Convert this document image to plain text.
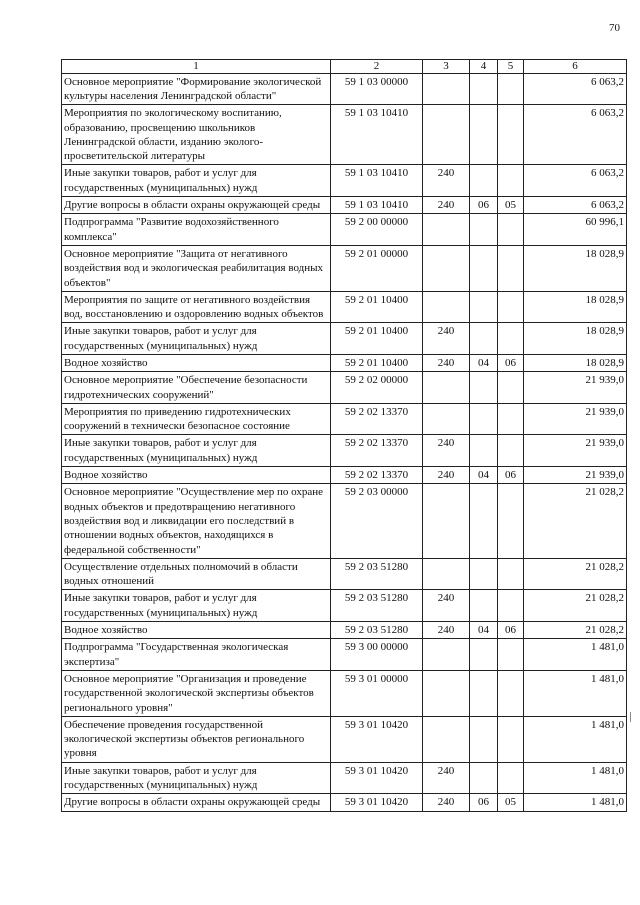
70
1	2	3	4	5	6
Основное мероприятие "Формирование экологической культуры населения Ленинградской области"	59 1 03 00000				6 063,2
Мероприятия по экологическому воспитанию, образованию, просвещению школьников Ленинградской области, изданию эколого-просветительской литературы	59 1 03 10410				6 063,2
Иные закупки товаров, работ и услуг для государственных (муниципальных) нужд	59 1 03 10410	240			6 063,2
Другие вопросы в области охраны окружающей среды	59 1 03 10410	240	06	05	6 063,2
Подпрограмма "Развитие водохозяйственного комплекса"	59 2 00 00000				60 996,1
Основное мероприятие "Защита от негативного воздействия вод и экологическая реабилитация водных объектов"	59 2 01 00000				18 028,9
Мероприятия по защите от негативного воздействия вод, восстановлению и оздоровлению водных объектов	59 2 01 10400				18 028,9
Иные закупки товаров, работ и услуг для государственных (муниципальных) нужд	59 2 01 10400	240			18 028,9
Водное хозяйство	59 2 01 10400	240	04	06	18 028,9
Основное мероприятие "Обеспечение безопасности гидротехнических сооружений"	59 2 02 00000				21 939,0
Мероприятия по приведению гидротехнических сооружений в технически безопасное состояние	59 2 02 13370				21 939,0
Иные закупки товаров, работ и услуг для государственных (муниципальных) нужд	59 2 02 13370	240			21 939,0
Водное хозяйство	59 2 02 13370	240	04	06	21 939,0
Основное мероприятие "Осуществление мер по охране водных объектов и предотвращению негативного воздействия вод и ликвидации его последствий в отношении водных объектов, находящихся в федеральной собственности"	59 2 03 00000				21 028,2
Осуществление отдельных полномочий в области водных отношений	59 2 03 51280				21 028,2
Иные закупки товаров, работ и услуг для государственных (муниципальных) нужд	59 2 03 51280	240			21 028,2
Водное хозяйство	59 2 03 51280	240	04	06	21 028,2
Подпрограмма "Государственная экологическая экспертиза"	59 3 00 00000				1 481,0
Основное мероприятие "Организация и проведение государственной экологической экспертизы объектов регионального уровня"	59 3 01 00000				1 481,0
Обеспечение проведения государственной экологической экспертизы объектов регионального уровня	59 3 01 10420				1 481,0
Иные закупки товаров, работ и услуг для государственных (муниципальных) нужд	59 3 01 10420	240			1 481,0
Другие вопросы в области охраны окружающей среды	59 3 01 10420	240	06	05	1 481,0
